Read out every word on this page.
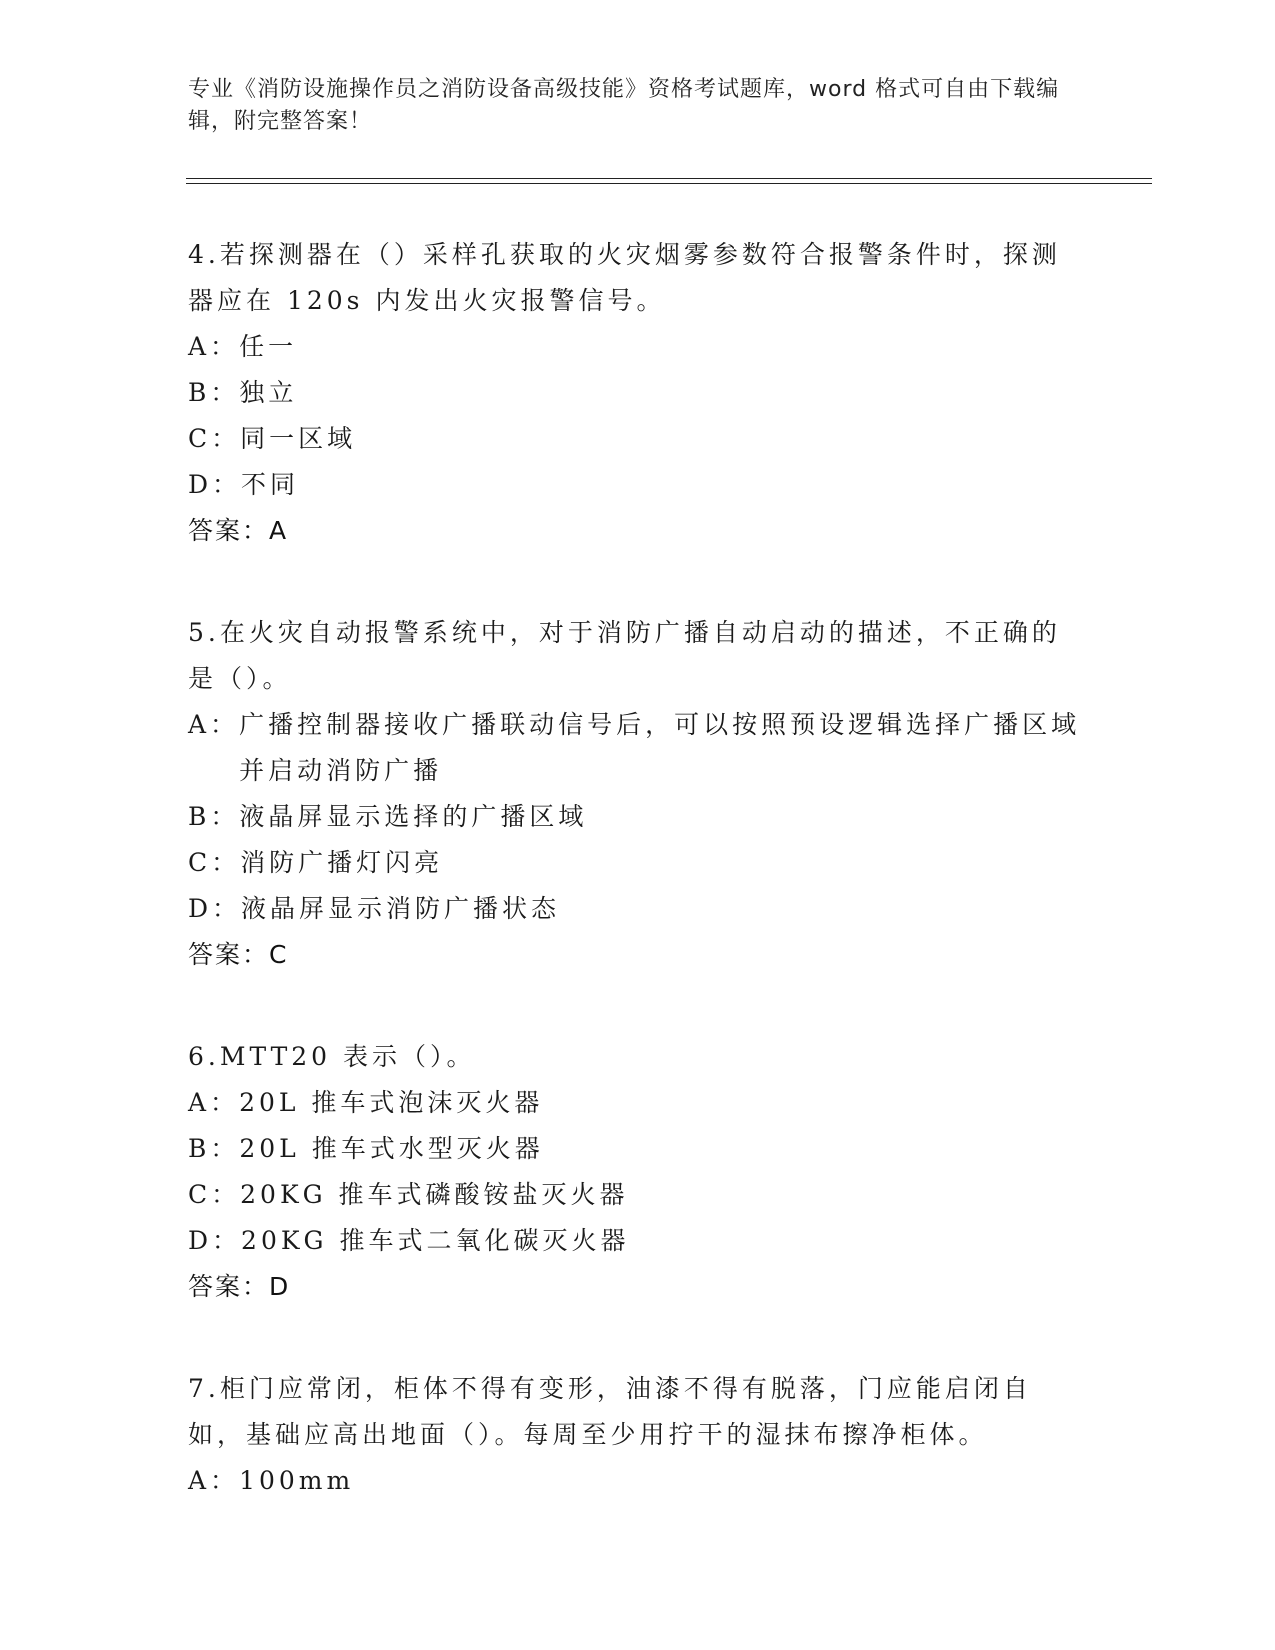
专业《消防设施操作员之消防设备高级技能》资格考试题库，word 格式可自由下载编辑，附完整答案！

4.若探测器在（）采样孔获取的火灾烟雾参数符合报警条件时，探测器应在 120s 内发出火灾报警信号。

A： 任一
B： 独立
C： 同一区域
D： 不同
答案：A

5.在火灾自动报警系统中，对于消防广播自动启动的描述，不正确的是（）。

A： 广播控制器接收广播联动信号后，可以按照预设逻辑选择广播区域并启动消防广播
B： 液晶屏显示选择的广播区域
C： 消防广播灯闪亮
D： 液晶屏显示消防广播状态
答案：C

6.MTT20 表示（）。

A： 20L 推车式泡沫灭火器
B： 20L 推车式水型灭火器
C： 20KG 推车式磷酸铵盐灭火器
D： 20KG 推车式二氧化碳灭火器
答案：D

7.柜门应常闭，柜体不得有变形，油漆不得有脱落，门应能启闭自如，基础应高出地面（）。每周至少用拧干的湿抹布擦净柜体。

A： 100mm
